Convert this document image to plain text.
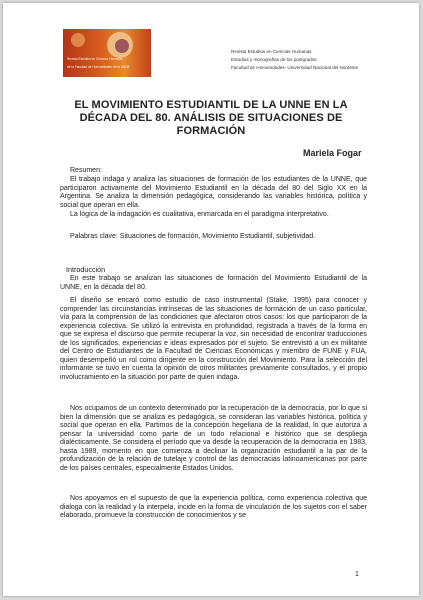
Revista Estudios en Ciencias Humanas
de la Facultad de Humanidades de la UNNE
Revista Estudios en Ciencias Humanas.
Estudios y monografías de los postgrados
Facultad de Humanidades- Universidad Nacional del Nordeste
EL MOVIMIENTO ESTUDIANTIL DE LA UNNE EN LA DÉCADA DEL 80. ANÁLISIS DE SITUACIONES DE FORMACIÓN
Mariela Fogar
Resumen:
El trabajo indaga y analiza las situaciones de formación de los estudiantes de la UNNE, que participaron activamente del Movimiento Estudiantil en la década del 80 del Siglo XX en la Argentina. Se analiza la dimensión pedagógica, considerando las variables histórica, política y social que operan en ella.
La lógica de la indagación es cualitativa, enmarcada en el paradigma interpretativo.
Palabras clave: Situaciones de formación, Movimiento Estudiantil, subjetividad.
Introducción
En este trabajo se analizan las situaciones de formación del Movimiento Estudiantil de la UNNE, en la década del 80.
El diseño se encaró como estudio de caso instrumental (Stake, 1995) para conocer y comprender las circunstancias intrínsecas de las situaciones de formación de un caso particular, vía para la comprensión de las condiciones que afectaron otros casos: los que participaron de la experiencia colectiva. Se utilizó la entrevista en profundidad, registrada a través de la forma en que se expresa el discurso que permite recuperar la voz, sin necesidad de encontrar traducciones de los significados, experiencias e ideas expresados por el sujeto. Se entrevistó a un ex militante del Centro de Estudiantes de la Facultad de Ciencias Económicas y miembro de FUNE y FUA, quien desempeñó un rol como dirigente en la construcción del Movimiento. Para la selección del informante se tuvo en cuenta la opinión de otros militantes previamente consultados, y el propio involucramiento en la situación por parte de quien indaga.
Nos ocupamos de un contexto determinado por la recuperación de la democracia, por lo que si bien la dimensión que se analiza es pedagógica, se consideran las variables histórica, política y social que operan en ella. Partimos de la concepción hegeliana de la realidad, lo que autoriza a pensar la universidad como parte de un todo relacional e histórico que se despliega dialécticamente. Se considera el período que va desde la recuperación de la democracia en 1983, hasta 1989, momento en que comienza a declinar la organización estudiantil a la par de la profundización de la relación de tutelaje y control de las democracias latinoamericanas por parte de los países centrales, especialmente Estados Unidos.
Nos apoyamos en el supuesto de que la experiencia política, como experiencia colectiva que dialoga con la realidad y la interpela, incide en la forma de vinculación de los sujetos con el saber elaborado, promueve la construcción de conocimientos y se
1
